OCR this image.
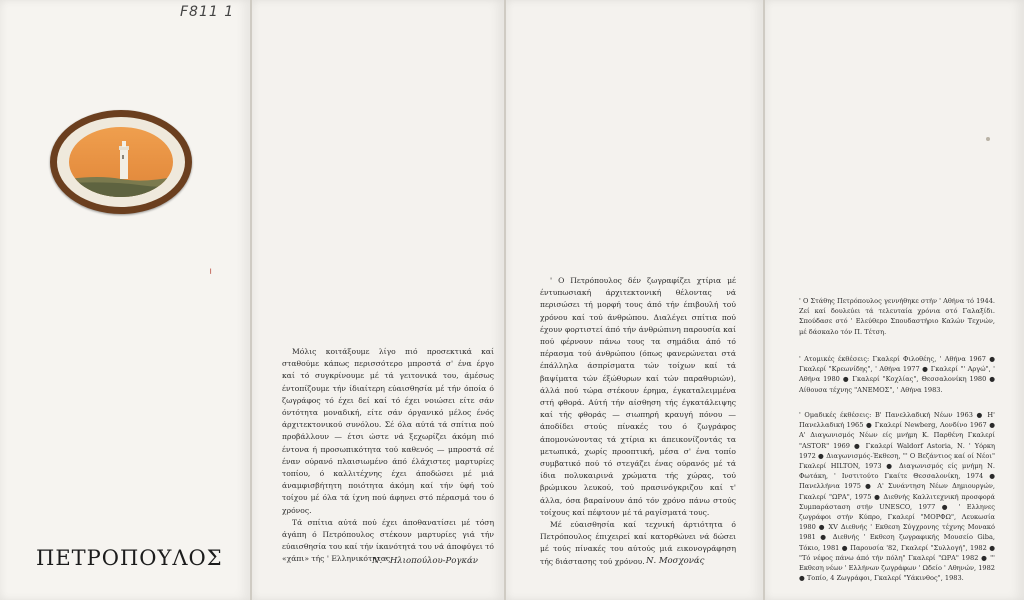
F811 1
╵
ΠΕΤΡΟΠΟΥΛΟΣ

Μόλις κοιτάξουμε λίγο πιό προσεκτικά καί σταθούμε κάπως περισσότερο μπροστά σ' ένα έργο καί τό συγκρίνουμε μέ τά γειτονικά του, άμέσως έντοπίζουμε τήν ίδιαίτερη εύαισθησία μέ τήν όποία ό ζωγράφος τό έχει δεί καί τό έχει νοιώσει είτε σάν όντότητα μοναδική, είτε σάν όργανικό μέλος ένός άρχιτεκτονικού συνόλου. Σέ όλα αύτά τά σπίτια πού προβάλλουν — έτσι ώστε νά ξεχωρίζει άκόμη πιό έντονα ή προσωπικότητα τού καθενός — μπροστά σέ έναν ούρανό πλαισιωμένο άπό έλάχιστες μαρτυρίες τοπίου, ό καλλιτέχνης έχει άποδώσει μέ μιά άναμφισβήτητη ποιότητα άκόμη καί τήν ύφή τού τοίχου μέ όλα τά ίχνη πού άφηνει στό πέρασμά του ό χρόνος.

Τά σπίτια αύτά πού έχει άποθανατίσει μέ τόση άγάπη ό Πετρόπουλος στέκουν μαρτυρίες γιά τήν εύαισθησία του καί τήν ίκανότητά του νά άποφύγει τό «χάπι» τής ' Ελληνικότητας.

Ν. ' Ηλιοπούλου-Ρογκάν

' Ο Πετρόπουλος δέν ζωγραφίζει χτίρια μέ έντυπωσιακή άρχιτεκτονική θέλοντας νά περισώσει τή μορφή τους άπό τήν έπιβουλή τού χρόνου καί τού άνθρώπου. Διαλέγει σπίτια πού έχουν φορτιστεί άπό τήν άνθρώπινη παρουσία καί πού φέρνουν πάνω τους τα σημάδια άπό τό πέρασμα τού άνθρώπου (όπως φανερώνεται στά έπάλληλα άσπρίσματα τών τοίχων καί τά βαψίματα τών έξώθυρων καί τών παραθυριών), άλλά πού τώρα στέκουν έρημα, έγκαταλειμμένα στή φθορά. Αύτή τήν αίσθηση τής έγκατάλειψης καί τής φθοράς — σιωπηρή κραυγή πόνου — άποδίδει στούς πίνακές του ό ζωγράφος άπομονώνοντας τά χτίρια κι άπεικονίζοντάς τα μετωπικά, χωρίς προοπτική, μέσα σ' ένα τοπίο συμβατικό πού τό στεγάζει ένας ούρανός μέ τά ίδια πολυκαιρινά χρώματα τής χώρας, τού βρώμικου λευκού, τού πρασινόγκριζου καί τ' άλλα, όσα βαραίνουν άπό τόν χρόνο πάνω στούς τοίχους καί πέφτουν μέ τά ραγίσματά τους.

Μέ εύαισθησία καί τεχνική άρτιότητα ό Πετρόπουλος έπιχειρεί καί κατορθώνει νά δώσει μέ τούς πίνακές του αύτούς μιά εικονογράφηση τής διάστασης τού χρόνου. Ν. Μοσχονάς
' Ο Στάθης Πετρόπουλος γεννήθηκε στήν ' Αθήνα τό 1944. Ζεί καί δουλεύει τά τελευταία χρόνια στό Γαλαξίδι. Σπούδασε στό ' Ελεύθερο Σπουδαστήριο Καλών Τεχνών, μέ δάσκαλο τόν Π. Τέτση.
' Ατομικές έκθέσεις: Γκαλερί Φιλοθέης, ' Αθήνα 1967 ● Γκαλερί "Κρεωνίδης", ' Αθήνα 1977 ● Γκαλερί "' Αργώ", ' Αθήνα 1980 ● Γκαλερί "Κοχλίας", Θεσσαλονίκη 1980 ● Αίθουσα τέχνης "ΑΝΕΜΟΣ", ' Αθήνα 1983.
' Ομαδικές έκθέσεις: Β' Πανελλαδική Νέων 1963 ● Η' Πανελλαδική 1965 ● Γκαλερί Newberg, Λονδίνο 1967 ● Α' Διαγωνισμός Νέων είς μνήμη Κ. Παρθένη Γκαλερί "ASTOR" 1969 ● Γκαλερί Waldorf Astoria, Ν. ' Υόρκη 1972 ● Διαγωνισμός-Έκθεση, "' Ο Βεζάντιος καί οί Νέοι" Γκαλερί HILTON, 1973 ● Διαγωνισμός είς μνήμη Ν. Φωτάκη, ' Ινστιτούτο Γκαίτε Θεσσαλονίκη, 1974 ● Πανελλήνια 1975 ● Α' Συνάντηση Νέων Δημιουργών, Γκαλερί "ΩΡΑ", 1975 ● Διεθνής Καλλιτεχνική προσφορά Συμπαράσταση στήν UNESCO, 1977 ● ' Ελληνες ζωγράφοι στήν Κύπρο, Γκαλερί "ΜΟΡΦΩ", Λευκωσία 1980 ● XV Διεθνής ' Εκθεση Σύγχρονης τέχνης Μονακό 1981 ● Διεθνής ' Εκθεση ζωγραφικής Μουσείο Giba, Τόκιο, 1981 ● Παρουσία '82, Γκαλερί "Συλλογή", 1982 ● "Τό νέφος πάνω άπό τήν πόλη" Γκαλερί "ΩΡΑ" 1982 ● "' Εκθεση νέων ' Ελλήνων ζωγράφων ' Ωδείο ' Αθηνών, 1982 ● Τοπίο, 4 Ζωγράφοι, Γκαλερί "Υάκινθος", 1983.
